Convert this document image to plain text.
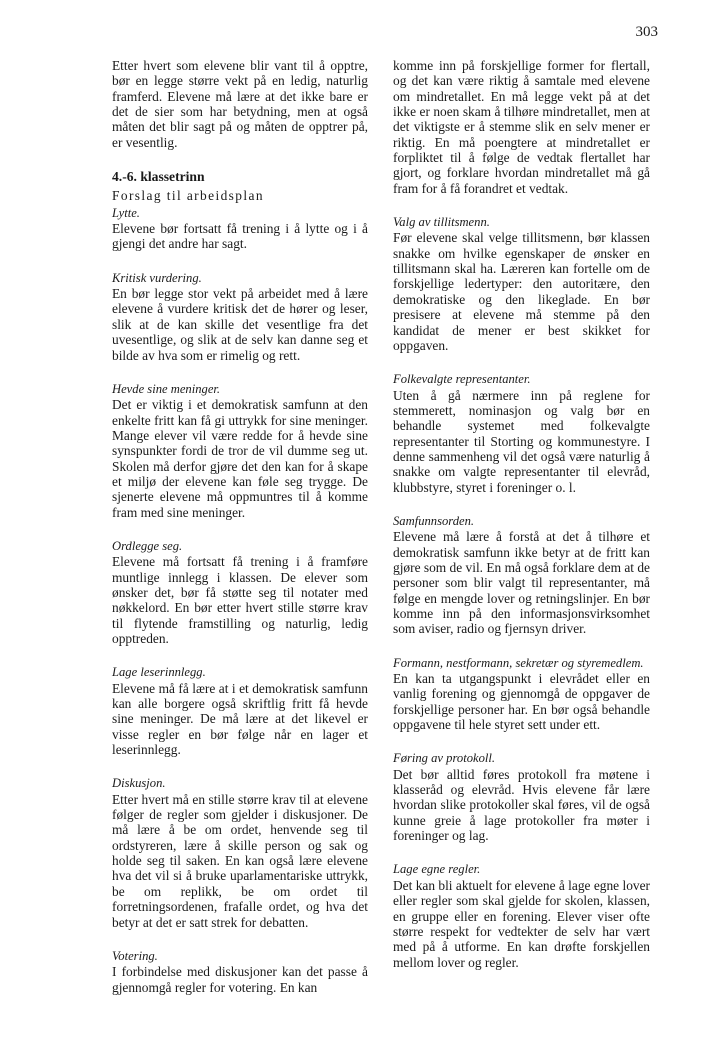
303

Etter hvert som elevene blir vant til å opptre, bør en legge større vekt på en ledig, naturlig framferd. Elevene må lære at det ikke bare er det de sier som har betydning, men at også måten det blir sagt på og måten de opptrer på, er vesentlig.

4.-6. klassetrinn
Forslag til arbeidsplan
Lytte.

Elevene bør fortsatt få trening i å lytte og i å gjengi det andre har sagt.

Kritisk vurdering.

En bør legge stor vekt på arbeidet med å lære elevene å vurdere kritisk det de hører og leser, slik at de kan skille det vesentlige fra det uvesentlige, og slik at de selv kan danne seg et bilde av hva som er rimelig og rett.

Hevde sine meninger.

Det er viktig i et demokratisk samfunn at den enkelte fritt kan få gi uttrykk for sine meninger. Mange elever vil være redde for å hevde sine synspunkter fordi de tror de vil dumme seg ut. Skolen må derfor gjøre det den kan for å skape et miljø der elevene kan føle seg trygge. De sjenerte elevene må oppmuntres til å komme fram med sine meninger.

Ordlegge seg.

Elevene må fortsatt få trening i å framføre muntlige innlegg i klassen. De elever som ønsker det, bør få støtte seg til notater med nøkkelord. En bør etter hvert stille større krav til flytende framstilling og naturlig, ledig opptreden.

Lage leserinnlegg.

Elevene må få lære at i et demokratisk samfunn kan alle borgere også skriftlig fritt få hevde sine meninger. De må lære at det likevel er visse regler en bør følge når en lager et leserinnlegg.

Diskusjon.

Etter hvert må en stille større krav til at elevene følger de regler som gjelder i diskusjoner. De må lære å be om ordet, henvende seg til ordstyreren, lære å skille person og sak og holde seg til saken. En kan også lære elevene hva det vil si å bruke uparlamentariske uttrykk, be om replikk, be om ordet til forretningsordenen, frafalle ordet, og hva det betyr at det er satt strek for debatten.

Votering.

I forbindelse med diskusjoner kan det passe å gjennomgå regler for votering. En kan

komme inn på forskjellige former for flertall, og det kan være riktig å samtale med elevene om mindretallet. En må legge vekt på at det ikke er noen skam å tilhøre mindretallet, men at det viktigste er å stemme slik en selv mener er riktig. En må poengtere at mindretallet er forpliktet til å følge de vedtak flertallet har gjort, og forklare hvordan mindretallet må gå fram for å få forandret et vedtak.

Valg av tillitsmenn.

Før elevene skal velge tillitsmenn, bør klassen snakke om hvilke egenskaper de ønsker en tillitsmann skal ha. Læreren kan fortelle om de forskjellige ledertyper: den autoritære, den demokratiske og den likeglade. En bør presisere at elevene må stemme på den kandidat de mener er best skikket for oppgaven.

Folkevalgte representanter.

Uten å gå nærmere inn på reglene for stemmerett, nominasjon og valg bør en behandle systemet med folkevalgte representanter til Storting og kommunestyre. I denne sammenheng vil det også være naturlig å snakke om valgte representanter til elevråd, klubbstyre, styret i foreninger o. l.

Samfunnsorden.

Elevene må lære å forstå at det å tilhøre et demokratisk samfunn ikke betyr at de fritt kan gjøre som de vil. En må også forklare dem at de personer som blir valgt til representanter, må følge en mengde lover og retningslinjer. En bør komme inn på den informasjonsvirksomhet som aviser, radio og fjernsyn driver.

Formann, nestformann, sekretær og styremedlem.

En kan ta utgangspunkt i elevrådet eller en vanlig forening og gjennomgå de oppgaver de forskjellige personer har. En bør også behandle oppgavene til hele styret sett under ett.

Føring av protokoll.

Det bør alltid føres protokoll fra møtene i klasseråd og elevråd. Hvis elevene får lære hvordan slike protokoller skal føres, vil de også kunne greie å lage protokoller fra møter i foreninger og lag.

Lage egne regler.

Det kan bli aktuelt for elevene å lage egne lover eller regler som skal gjelde for skolen, klassen, en gruppe eller en forening. Elever viser ofte større respekt for vedtekter de selv har vært med på å utforme. En kan drøfte forskjellen mellom lover og regler.
